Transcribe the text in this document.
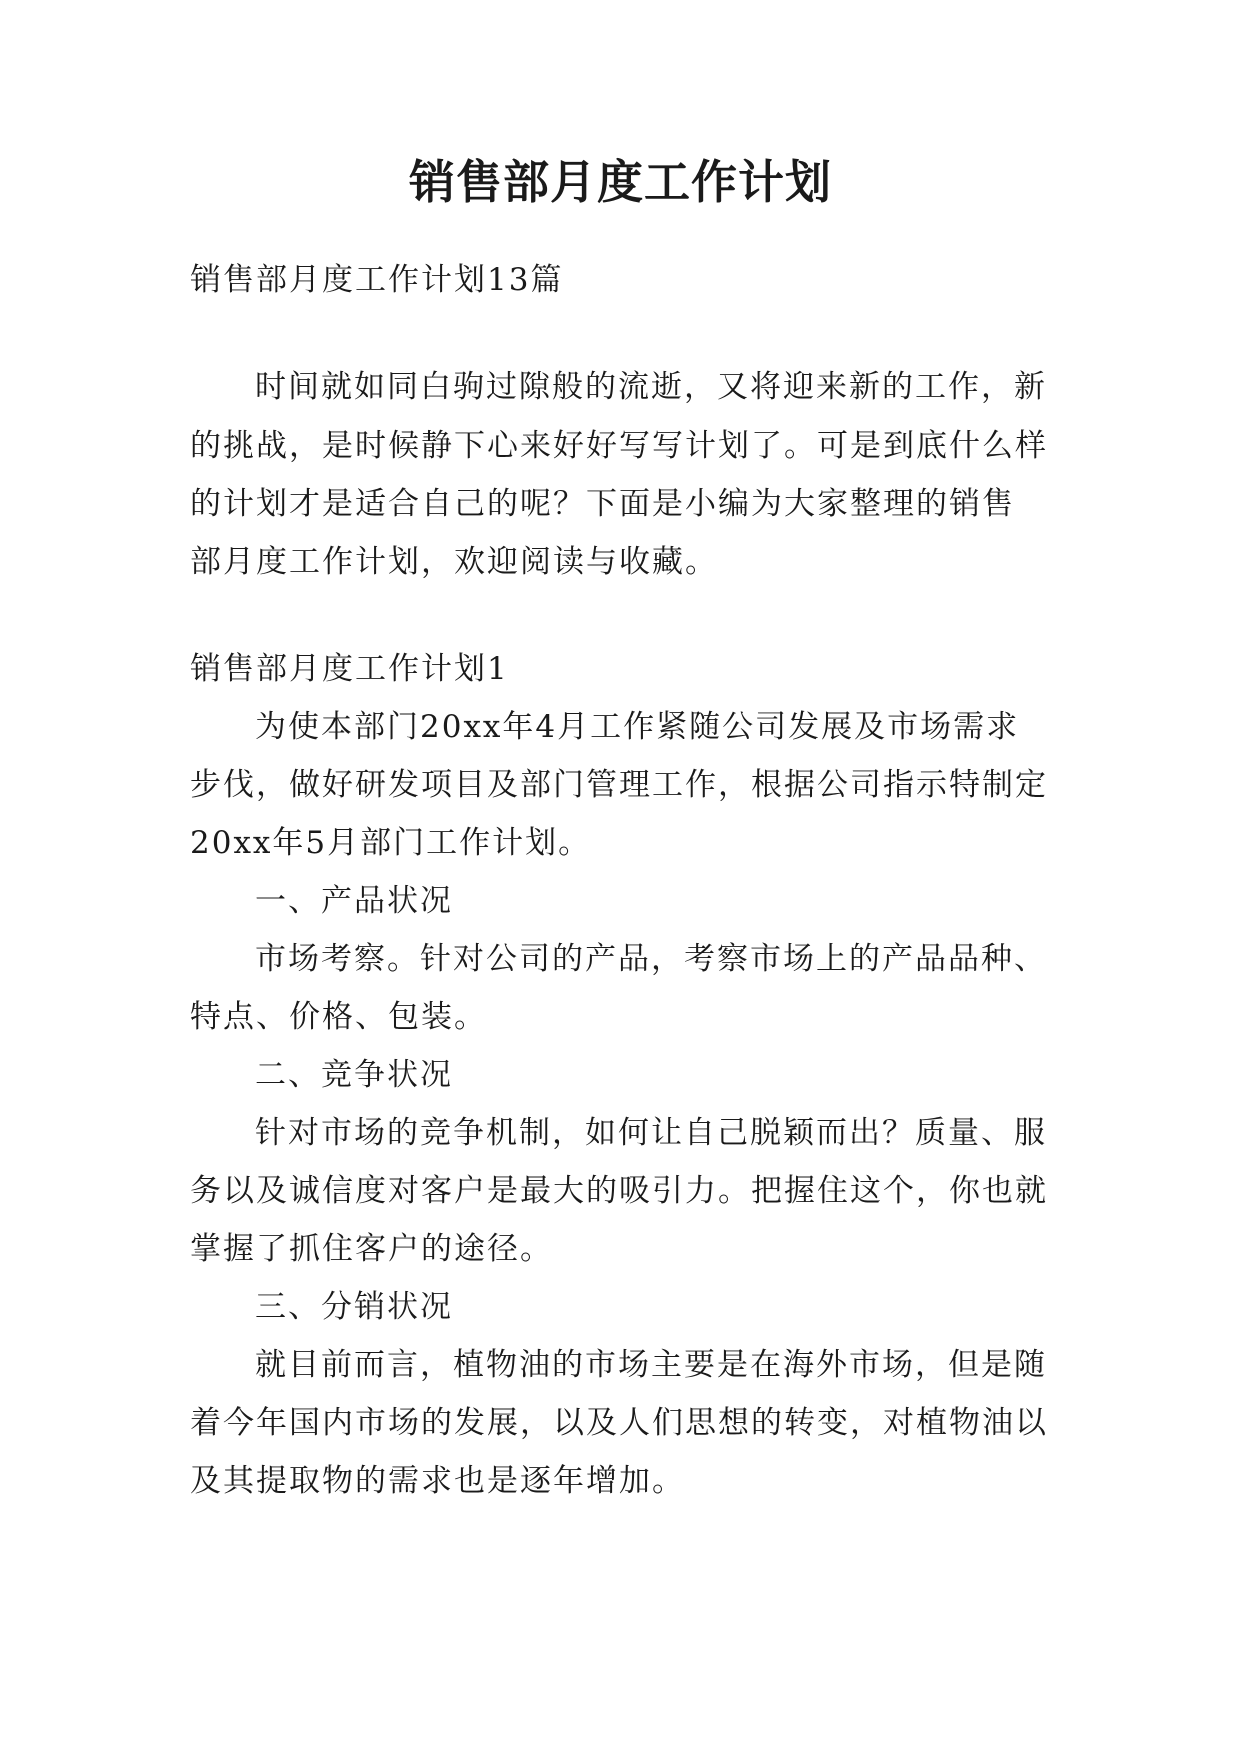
销售部月度工作计划

销售部月度工作计划13篇

时间就如同白驹过隙般的流逝，又将迎来新的工作，新

的挑战，是时候静下心来好好写写计划了。可是到底什么样

的计划才是适合自己的呢？下面是小编为大家整理的销售

部月度工作计划，欢迎阅读与收藏。

销售部月度工作计划1

为使本部门20xx年4月工作紧随公司发展及市场需求

步伐，做好研发项目及部门管理工作，根据公司指示特制定

20xx年5月部门工作计划。

一、产品状况

市场考察。针对公司的产品，考察市场上的产品品种、

特点、价格、包装。

二、竞争状况

针对市场的竞争机制，如何让自己脱颖而出？质量、服

务以及诚信度对客户是最大的吸引力。把握住这个，你也就

掌握了抓住客户的途径。

三、分销状况

就目前而言，植物油的市场主要是在海外市场，但是随

着今年国内市场的发展，以及人们思想的转变，对植物油以

及其提取物的需求也是逐年增加。
